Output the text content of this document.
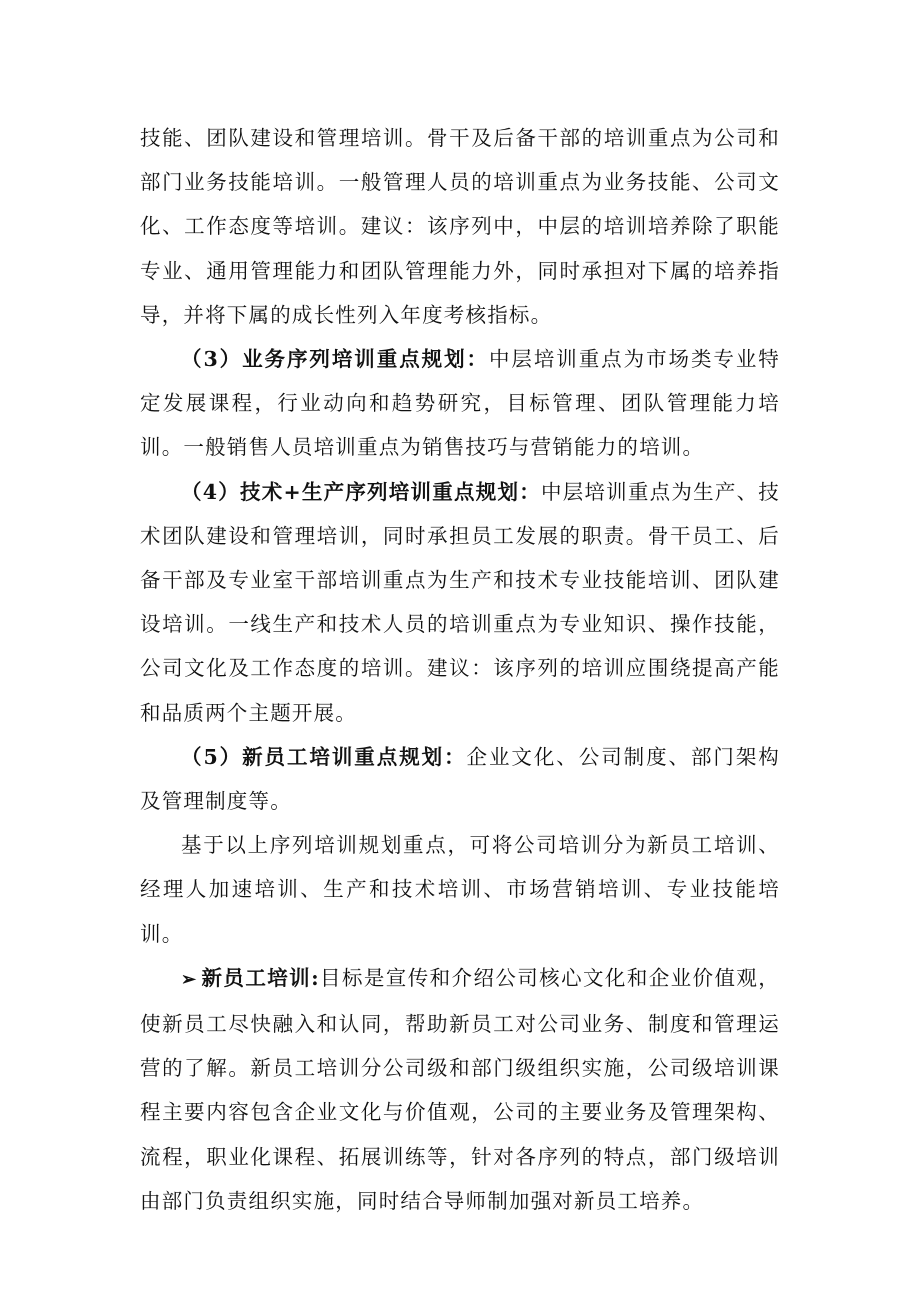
技能、团队建设和管理培训。骨干及后备干部的培训重点为公司和部门业务技能培训。一般管理人员的培训重点为业务技能、公司文化、工作态度等培训。建议：该序列中，中层的培训培养除了职能专业、通用管理能力和团队管理能力外，同时承担对下属的培养指导，并将下属的成长性列入年度考核指标。

（3）业务序列培训重点规划：中层培训重点为市场类专业特定发展课程，行业动向和趋势研究，目标管理、团队管理能力培训。一般销售人员培训重点为销售技巧与营销能力的培训。

（4）技术+生产序列培训重点规划：中层培训重点为生产、技术团队建设和管理培训，同时承担员工发展的职责。骨干员工、后备干部及专业室干部培训重点为生产和技术专业技能培训、团队建设培训。一线生产和技术人员的培训重点为专业知识、操作技能，公司文化及工作态度的培训。建议：该序列的培训应围绕提高产能和品质两个主题开展。

（5）新员工培训重点规划：企业文化、公司制度、部门架构及管理制度等。

基于以上序列培训规划重点，可将公司培训分为新员工培训、经理人加速培训、生产和技术培训、市场营销培训、专业技能培训。

➢ 新员工培训:目标是宣传和介绍公司核心文化和企业价值观，使新员工尽快融入和认同，帮助新员工对公司业务、制度和管理运营的了解。新员工培训分公司级和部门级组织实施，公司级培训课程主要内容包含企业文化与价值观，公司的主要业务及管理架构、流程，职业化课程、拓展训练等，针对各序列的特点，部门级培训由部门负责组织实施，同时结合导师制加强对新员工培养。
